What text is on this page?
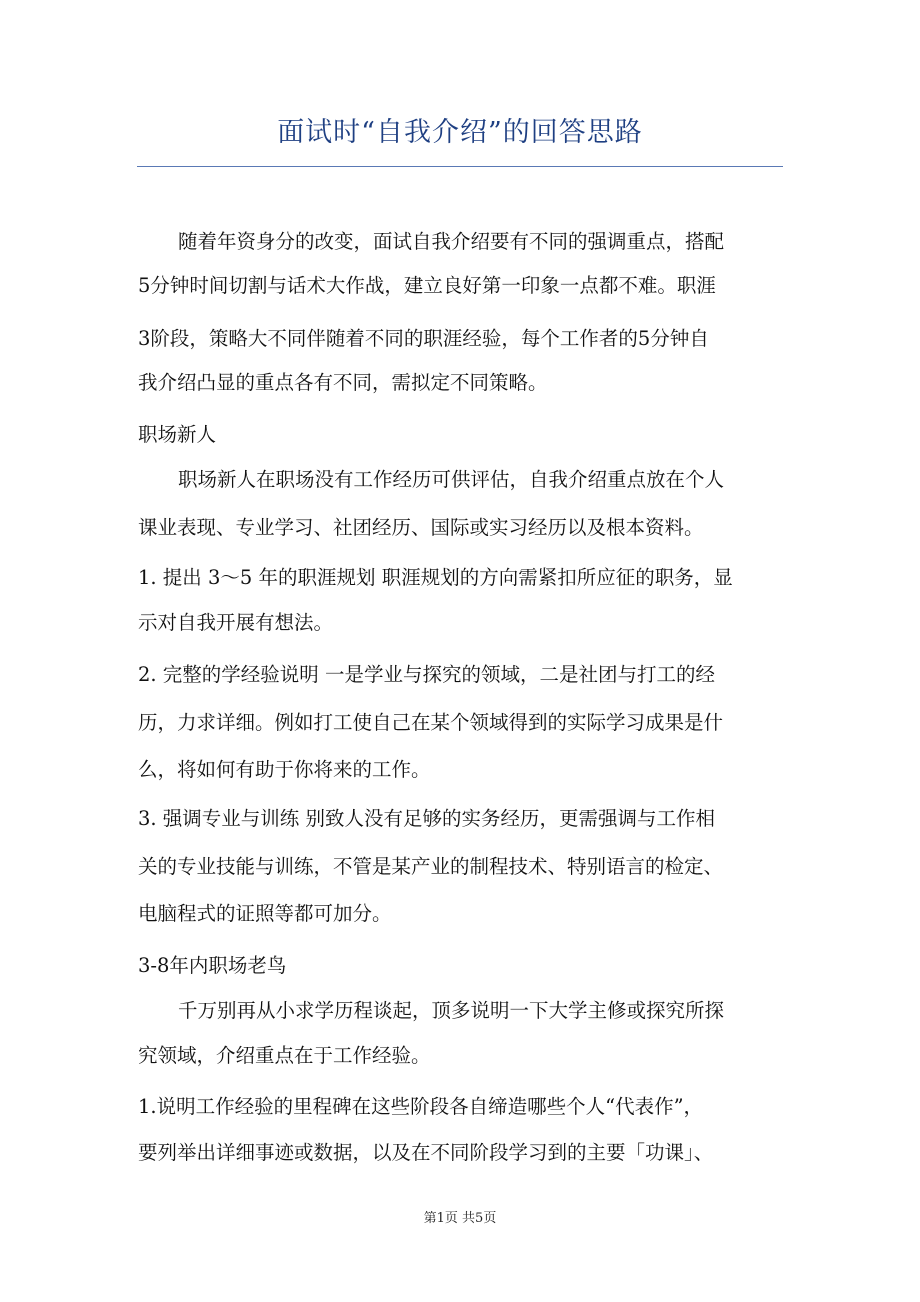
面试时“自我介绍”的回答思路
随着年资身分的改变，面试自我介绍要有不同的强调重点，搭配
5分钟时间切割与话术大作战，建立良好第一印象一点都不难。职涯
3阶段，策略大不同伴随着不同的职涯经验，每个工作者的5分钟自
我介绍凸显的重点各有不同，需拟定不同策略。
职场新人
职场新人在职场没有工作经历可供评估，自我介绍重点放在个人
课业表现、专业学习、社团经历、国际或实习经历以及根本资料。
1. 提出 3～5 年的职涯规划 职涯规划的方向需紧扣所应征的职务，显
示对自我开展有想法。
2. 完整的学经验说明 一是学业与探究的领域，二是社团与打工的经
历，力求详细。例如打工使自己在某个领域得到的实际学习成果是什
么，将如何有助于你将来的工作。
3. 强调专业与训练 别致人没有足够的实务经历，更需强调与工作相
关的专业技能与训练，不管是某产业的制程技术、特别语言的检定、
电脑程式的证照等都可加分。
3-8年内职场老鸟
千万别再从小求学历程谈起，顶多说明一下大学主修或探究所探
究领域，介绍重点在于工作经验。
1.说明工作经验的里程碑在这些阶段各自缔造哪些个人“代表作”，
要列举出详细事迹或数据，以及在不同阶段学习到的主要「功课」、
第1页 共5页
